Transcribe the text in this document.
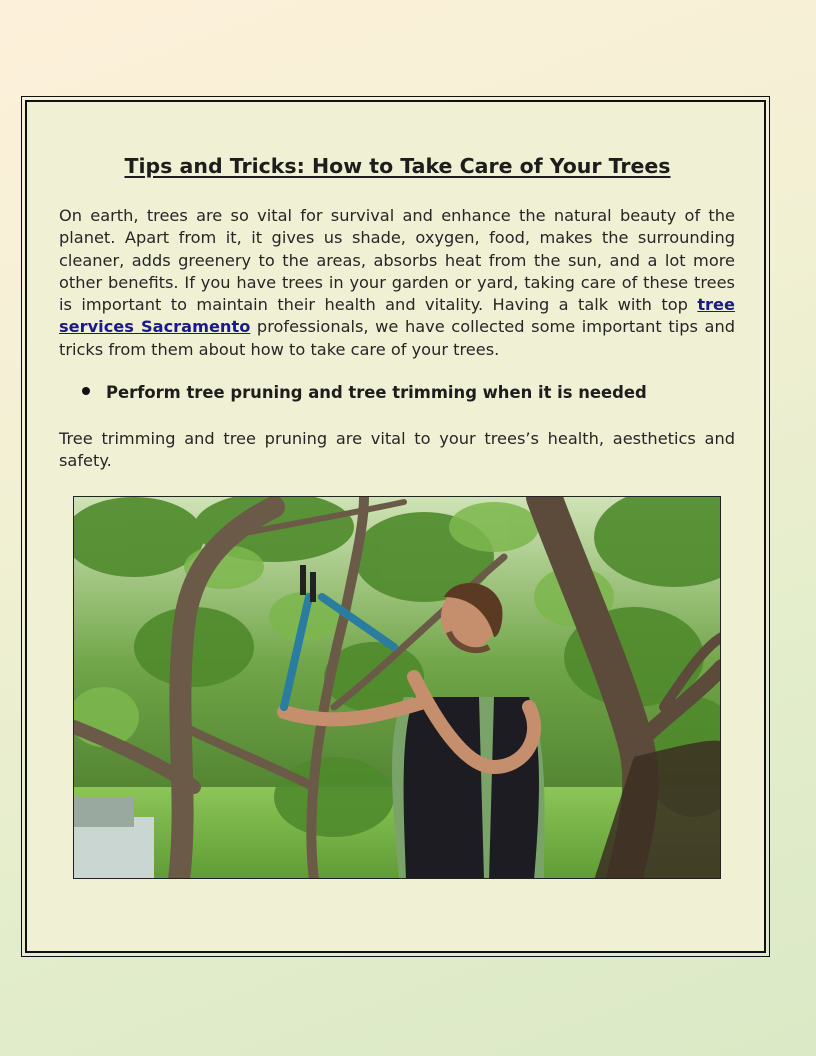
Tips and Tricks: How to Take Care of Your Trees

On earth, trees are so vital for survival and enhance the natural beauty of the planet. Apart from it, it gives us shade, oxygen, food, makes the surrounding cleaner, adds greenery to the areas, absorbs heat from the sun, and a lot more other benefits. If you have trees in your garden or yard, taking care of these trees is important to maintain their health and vitality. Having a talk with top tree services Sacramento professionals, we have collected some important tips and tricks from them about how to take care of your trees.

Perform tree pruning and tree trimming when it is needed

Tree trimming and tree pruning are vital to your trees’s health, aesthetics and safety.
